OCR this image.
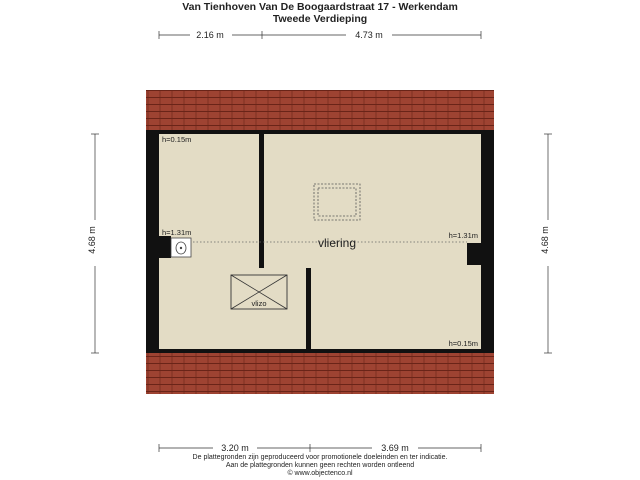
Van Tienhoven Van De Boogaardstraat 17 - Werkendam
Tweede Verdieping
2.16 m	4.73 m
3.20 m	3.69 m
4.68 m	4.68 m
vliering
vlizo
h=0.15m
h=1.31m	h=1.31m
h=0.15m
De plattegronden zijn geproduceerd voor promotionele doeleinden en ter indicatie.
Aan de plattegronden kunnen geen rechten worden ontleend
© www.objectenco.nl
